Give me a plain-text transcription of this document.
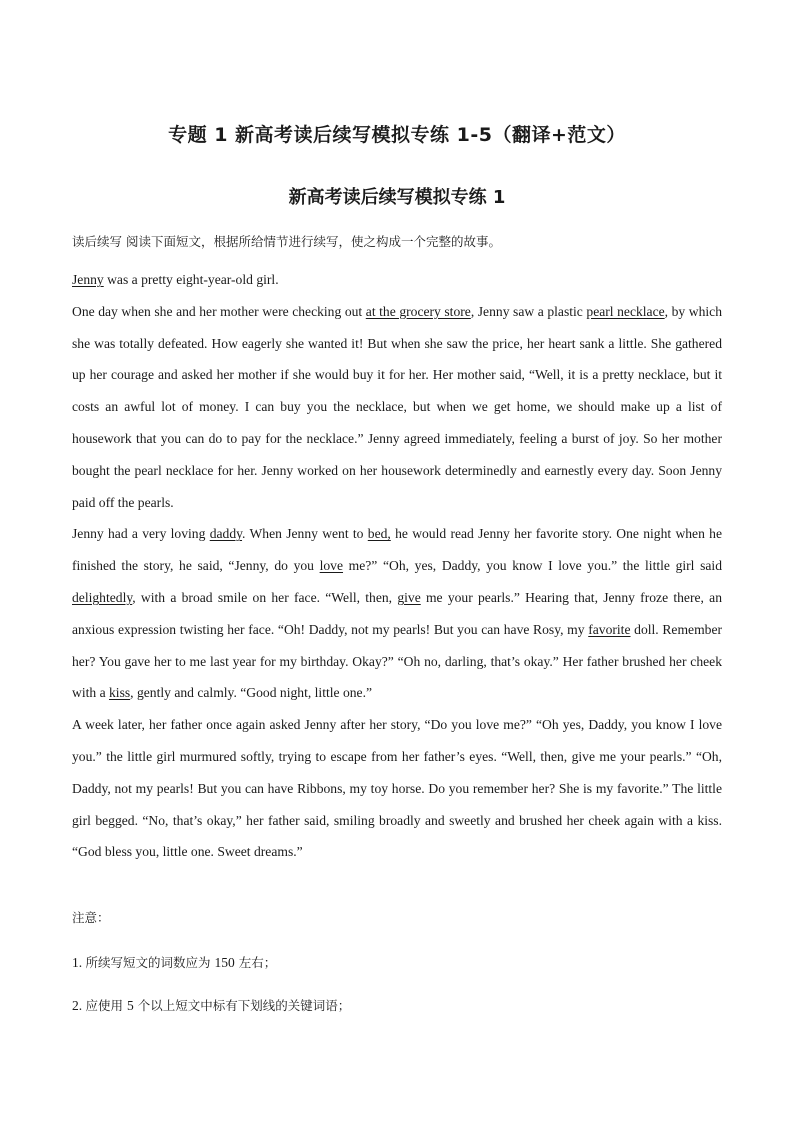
专题 1 新高考读后续写模拟专练 1-5（翻译+范文）
新高考读后续写模拟专练 1
读后续写 阅读下面短文，根据所给情节进行续写，使之构成一个完整的故事。

Jenny was a pretty eight-year-old girl.

One day when she and her mother were checking out at the grocery store, Jenny saw a plastic pearl necklace, by which she was totally defeated. How eagerly she wanted it! But when she saw the price, her heart sank a little. She gathered up her courage and asked her mother if she would buy it for her. Her mother said, “Well, it is a pretty necklace, but it costs an awful lot of money. I can buy you the necklace, but when we get home, we should make up a list of housework that you can do to pay for the necklace.” Jenny agreed immediately, feeling a burst of joy. So her mother bought the pearl necklace for her. Jenny worked on her housework determinedly and earnestly every day. Soon Jenny paid off the pearls.

Jenny had a very loving daddy. When Jenny went to bed, he would read Jenny her favorite story. One night when he finished the story, he said, “Jenny, do you love me?” “Oh, yes, Daddy, you know I love you.” the little girl said delightedly, with a broad smile on her face. “Well, then, give me your pearls.” Hearing that, Jenny froze there, an anxious expression twisting her face. “Oh! Daddy, not my pearls! But you can have Rosy, my favorite doll. Remember her? You gave her to me last year for my birthday. Okay?” “Oh no, darling, that’s okay.” Her father brushed her cheek with a kiss, gently and calmly. “Good night, little one.”

A week later, her father once again asked Jenny after her story, “Do you love me?” “Oh yes, Daddy, you know I love you.” the little girl murmured softly, trying to escape from her father’s eyes. “Well, then, give me your pearls.” “Oh, Daddy, not my pearls! But you can have Ribbons, my toy horse. Do you remember her? She is my favorite.” The little girl begged. “No, that’s okay,” her father said, smiling broadly and sweetly and brushed her cheek again with a kiss. “God bless you, little one. Sweet dreams.”

注意：
1. 所续写短文的词数应为 150 左右；
2. 应使用 5 个以上短文中标有下划线的关键词语；
